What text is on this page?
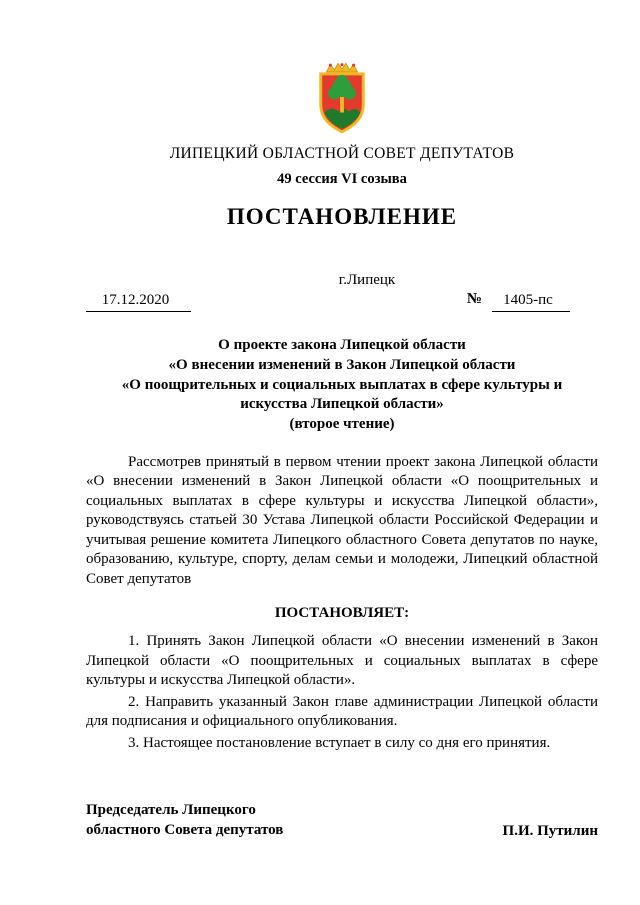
ЛИПЕЦКИЙ ОБЛАСТНОЙ СОВЕТ ДЕПУТАТОВ
49 сессия VI созыва
ПОСТАНОВЛЕНИЕ
г.Липецк
17.12.2020	№	1405-пс
О проекте закона Липецкой области
«О внесении изменений в Закон Липецкой области
«О поощрительных и социальных выплатах в сфере культуры и
искусства Липецкой области»
(второе чтение)

Рассмотрев принятый в первом чтении проект закона Липецкой области «О внесении изменений в Закон Липецкой области «О поощрительных и социальных выплатах в сфере культуры и искусства Липецкой области», руководствуясь статьей 30 Устава Липецкой области Российской Федерации и учитывая решение комитета Липецкого областного Совета депутатов по науке, образованию, культуре, спорту, делам семьи и молодежи, Липецкий областной Совет депутатов

ПОСТАНОВЛЯЕТ:

1. Принять Закон Липецкой области «О внесении изменений в Закон Липецкой области «О поощрительных и социальных выплатах в сфере культуры и искусства Липецкой области».

2. Направить указанный Закон главе администрации Липецкой области для подписания и официального опубликования.

3. Настоящее постановление вступает в силу со дня его принятия.

Председатель Липецкого
областного Совета депутатов	П.И. Путилин
